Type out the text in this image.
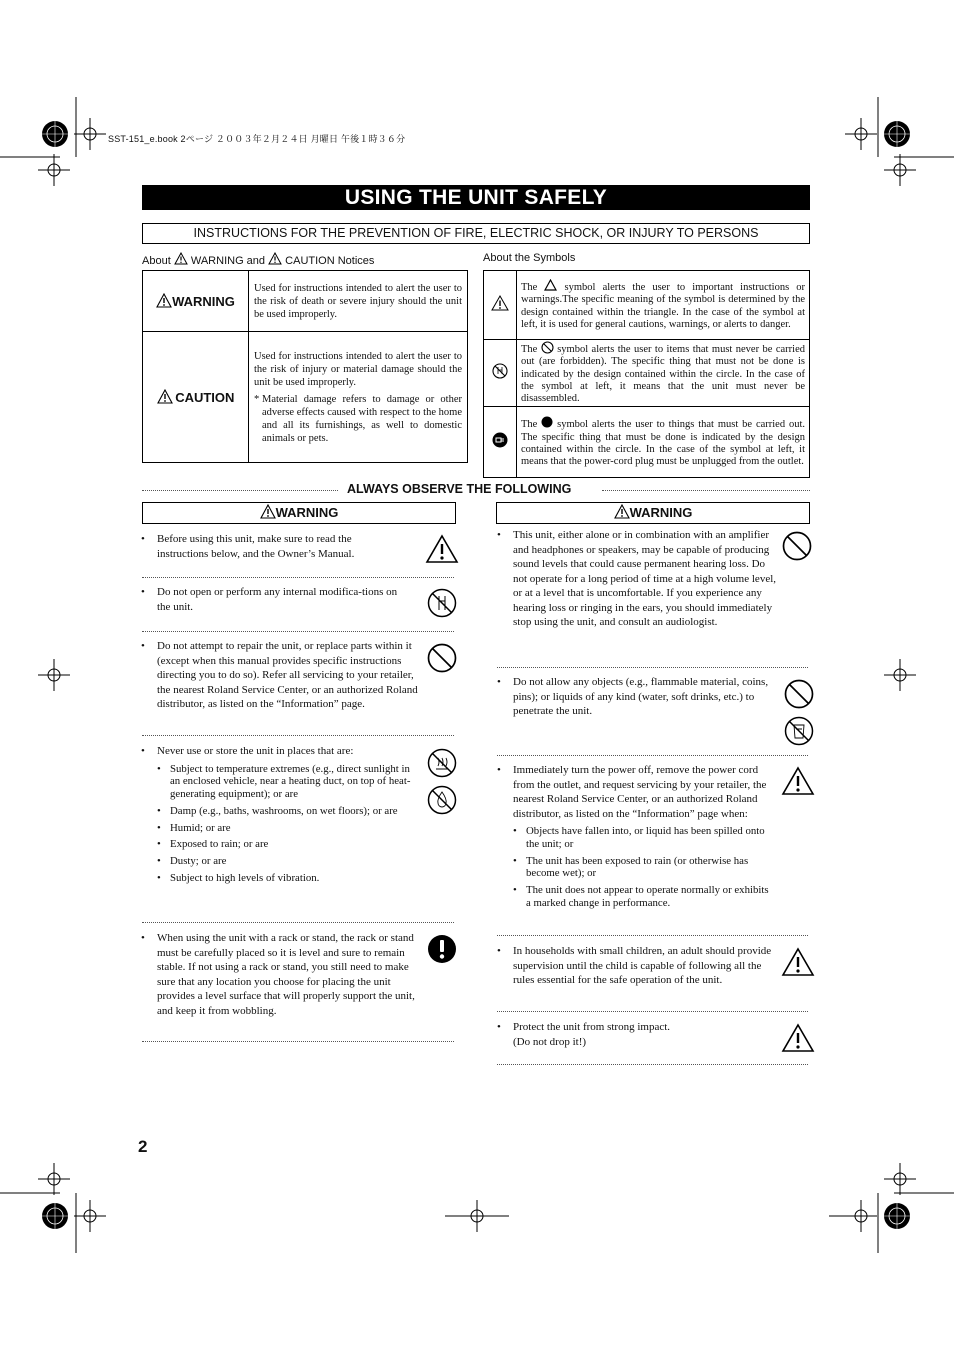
SST-151_e.book 2ページ ２００３年２月２４日 月曜日 午後１時３６分
USING THE UNIT SAFELY
INSTRUCTIONS FOR THE PREVENTION OF FIRE, ELECTRIC SHOCK, OR INJURY TO PERSONS
About WARNING and CAUTION Notices
WARNING	Used for instructions intended to alert the user to the risk of death or severe injury should the unit be used improperly.
CAUTION	Used for instructions intended to alert the user to the risk of injury or material damage should the unit be used improperly.
* Material damage refers to damage or other adverse effects caused with respect to the home and all its furnishings, as well to domestic animals or pets.
About the Symbols
	The symbol alerts the user to important instructions or warnings.The specific meaning of the symbol is determined by the design contained within the triangle. In the case of the symbol at left, it is used for general cautions, warnings, or alerts to danger.
	The symbol alerts the user to items that must never be carried out (are forbidden). The specific thing that must not be done is indicated by the design contained within the circle. In the case of the symbol at left, it means that the unit must never be disassembled.
	The symbol alerts the user to things that must be carried out. The specific thing that must be done is indicated by the design contained within the circle. In the case of the symbol at left, it means that the power-cord plug must be unplugged from the outlet.
ALWAYS OBSERVE THE FOLLOWING
WARNING	WARNING
• Before using this unit, make sure to read the instructions below, and the Owner’s Manual.
• Do not open or perform any internal modifica-tions on the unit.
• Do not attempt to repair the unit, or replace parts within it (except when this manual provides specific instructions directing you to do so). Refer all servicing to your retailer, the nearest Roland Service Center, or an authorized Roland distributor, as listed on the “Information” page.
• Never use or store the unit in places that are:
• Subject to temperature extremes (e.g., direct sunlight in an enclosed vehicle, near a heating duct, on top of heat-generating equipment); or are
• Damp (e.g., baths, washrooms, on wet floors); or are
• Humid; or are
• Exposed to rain; or are
• Dusty; or are
• Subject to high levels of vibration.
• When using the unit with a rack or stand, the rack or stand must be carefully placed so it is level and sure to remain stable. If not using a rack or stand, you still need to make sure that any location you choose for placing the unit provides a level surface that will properly support the unit, and keep it from wobbling.
• This unit, either alone or in combination with an amplifier and headphones or speakers, may be capable of producing sound levels that could cause permanent hearing loss. Do not operate for a long period of time at a high volume level, or at a level that is uncomfortable. If you experience any hearing loss or ringing in the ears, you should immediately stop using the unit, and consult an audiologist.
• Do not allow any objects (e.g., flammable material, coins, pins); or liquids of any kind (water, soft drinks, etc.) to penetrate the unit.
• Immediately turn the power off, remove the power cord from the outlet, and request servicing by your retailer, the nearest Roland Service Center, or an authorized Roland distributor, as listed on the “Information” page when:
• Objects have fallen into, or liquid has been spilled onto the unit; or
• The unit has been exposed to rain (or otherwise has become wet); or
• The unit does not appear to operate normally or exhibits a marked change in performance.
• In households with small children, an adult should provide supervision until the child is capable of following all the rules essential for the safe operation of the unit.
• Protect the unit from strong impact.
(Do not drop it!)
2
